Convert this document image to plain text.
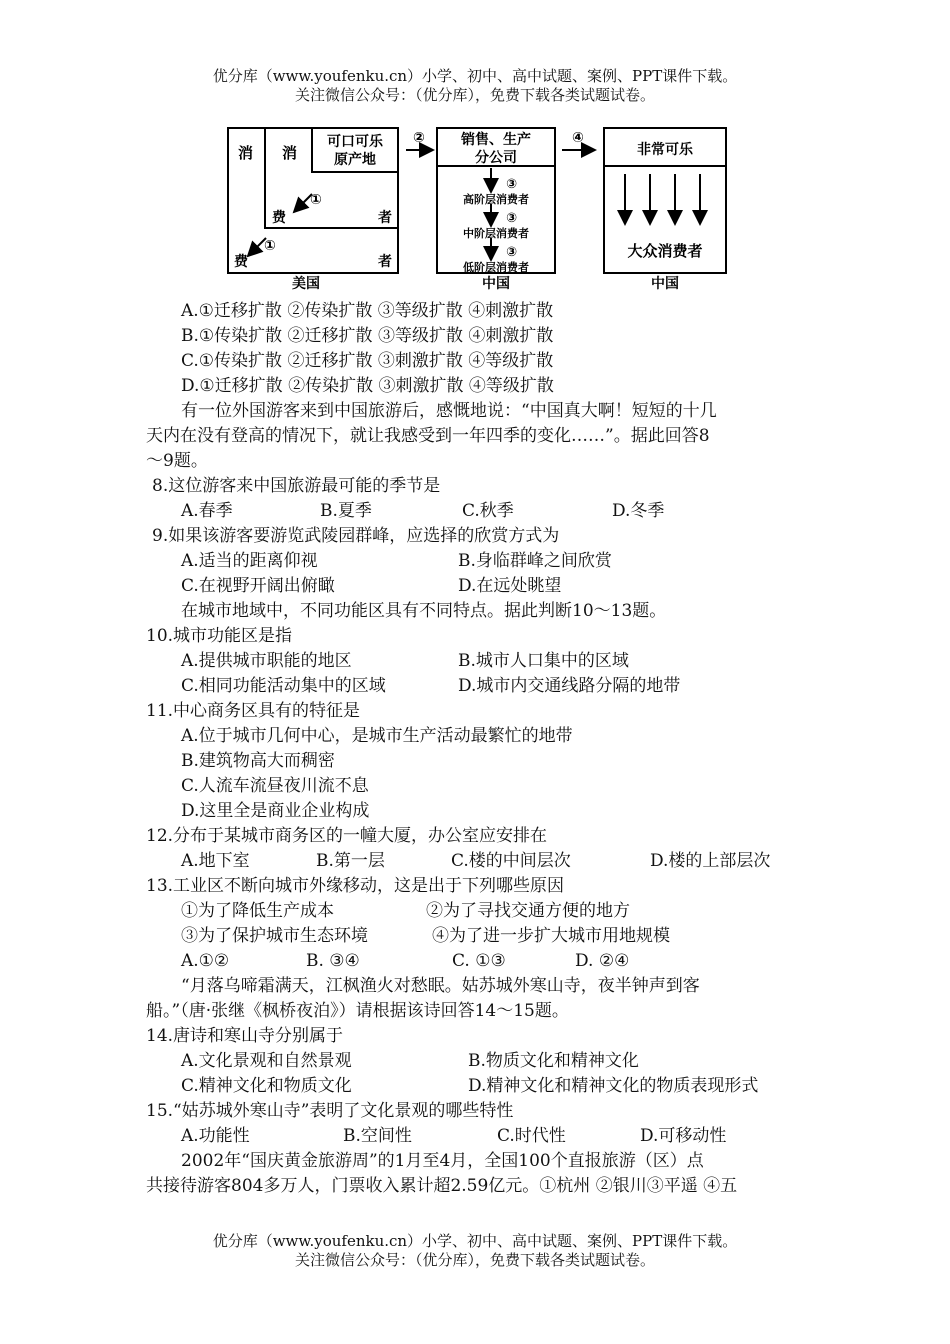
优分库（www.youfenku.cn）小学、初中、高中试题、案例、PPT课件下载。
关注微信公众号：（优分库），免费下载各类试题试卷。
消 消
可口可乐
原产地
①
费	者
①
费	者
美国
②	销售、生产
分公司
③
高阶层消费者
③
中阶层消费者
③
低阶层消费者
中国
④
非常可乐
大众消费者
中国
A.①迁移扩散 ②传染扩散 ③等级扩散 ④刺激扩散
B.①传染扩散 ②迁移扩散 ③等级扩散 ④刺激扩散
C.①传染扩散 ②迁移扩散 ③刺激扩散 ④等级扩散
D.①迁移扩散 ②传染扩散 ③刺激扩散 ④等级扩散
有一位外国游客来到中国旅游后，感慨地说：“中国真大啊！短短的十几
天内在没有登高的情况下，就让我感受到一年四季的变化……”。据此回答8
～9题。
8.这位游客来中国旅游最可能的季节是
A.春季	B.夏季	C.秋季	D.冬季
9.如果该游客要游览武陵园群峰，应选择的欣赏方式为
A.适当的距离仰视	B.身临群峰之间欣赏
C.在视野开阔出俯瞰	D.在远处眺望
在城市地域中，不同功能区具有不同特点。据此判断10～13题。
10.城市功能区是指
A.提供城市职能的地区	B.城市人口集中的区域
C.相同功能活动集中的区域	D.城市内交通线路分隔的地带
11.中心商务区具有的特征是
A.位于城市几何中心，是城市生产活动最繁忙的地带
B.建筑物高大而稠密
C.人流车流昼夜川流不息
D.这里全是商业企业构成
12.分布于某城市商务区的一幢大厦，办公室应安排在
A.地下室	B.第一层	C.楼的中间层次	D.楼的上部层次
13.工业区不断向城市外缘移动，这是出于下列哪些原因
①为了降低生产成本	②为了寻找交通方便的地方
③为了保护城市生态环境	④为了进一步扩大城市用地规模
A.①②	B. ③④	C. ①③	D. ②④
“月落乌啼霜满天，江枫渔火对愁眠。姑苏城外寒山寺，夜半钟声到客
船。”（唐·张继《枫桥夜泊》）请根据该诗回答14～15题。
14.唐诗和寒山寺分别属于
A.文化景观和自然景观	B.物质文化和精神文化
C.精神文化和物质文化	D.精神文化和精神文化的物质表现形式
15.“姑苏城外寒山寺”表明了文化景观的哪些特性
A.功能性	B.空间性	C.时代性	D.可移动性
2002年“国庆黄金旅游周”的1月至4月，全国100个直报旅游（区）点
共接待游客804多万人，门票收入累计超2.59亿元。①杭州 ②银川③平遥 ④五
优分库（www.youfenku.cn）小学、初中、高中试题、案例、PPT课件下载。
关注微信公众号：（优分库），免费下载各类试题试卷。
